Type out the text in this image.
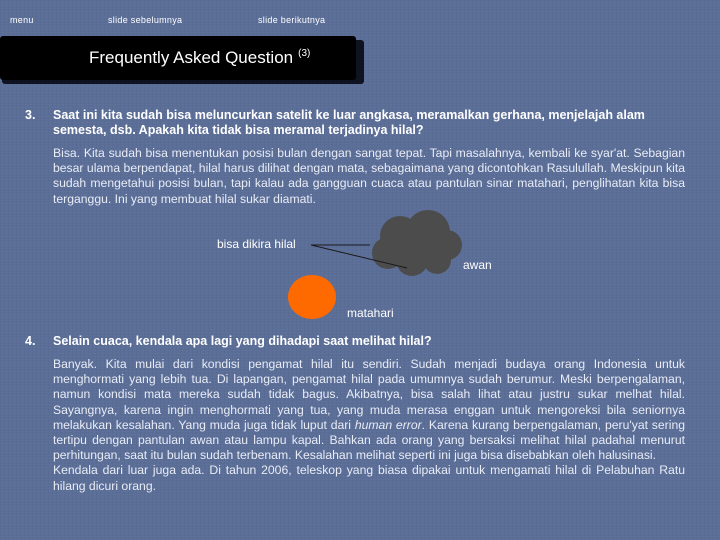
menu	slide sebelumnya	slide berikutnya
Frequently Asked Question $^{(3)}$
3. Saat ini kita sudah bisa meluncurkan satelit ke luar angkasa, meramalkan gerhana, menjelajah alam semesta, dsb. Apakah kita tidak bisa meramal terjadinya hilal?
Bisa. Kita sudah bisa menentukan posisi bulan dengan sangat tepat. Tapi masalahnya, kembali ke syar'at. Sebagian besar ulama berpendapat, hilal harus dilihat dengan mata, sebagaimana yang dicontohkan Rasulullah. Meskipun kita sudah mengetahui posisi bulan, tapi kalau ada gangguan cuaca atau pantulan sinar matahari, penglihatan kita bisa terganggu. Ini yang membuat hilal sukar diamati.
bisa dikira hilal
awan
matahari
4. Selain cuaca, kendala apa lagi yang dihadapi saat melihat hilal?

Banyak. Kita mulai dari kondisi pengamat hilal itu sendiri. Sudah menjadi budaya orang Indonesia untuk menghormati yang lebih tua. Di lapangan, pengamat hilal pada umumnya sudah berumur. Meski berpengalaman, namun kondisi mata mereka sudah tidak bagus. Akibatnya, bisa salah lihat atau justru sukar melhat hilal. Sayangnya, karena ingin menghormati yang tua, yang muda merasa enggan untuk mengoreksi bila seniornya melakukan kesalahan. Yang muda juga tidak luput dari human error. Karena kurang berpengalaman, peru'yat sering tertipu dengan pantulan awan atau lampu kapal. Bahkan ada orang yang bersaksi melihat hilal padahal menurut perhitungan, saat itu bulan sudah terbenam. Kesalahan melihat seperti ini juga bisa disebabkan oleh halusinasi.

Kendala dari luar juga ada. Di tahun 2006, teleskop yang biasa dipakai untuk mengamati hilal di Pelabuhan Ratu hilang dicuri orang.
